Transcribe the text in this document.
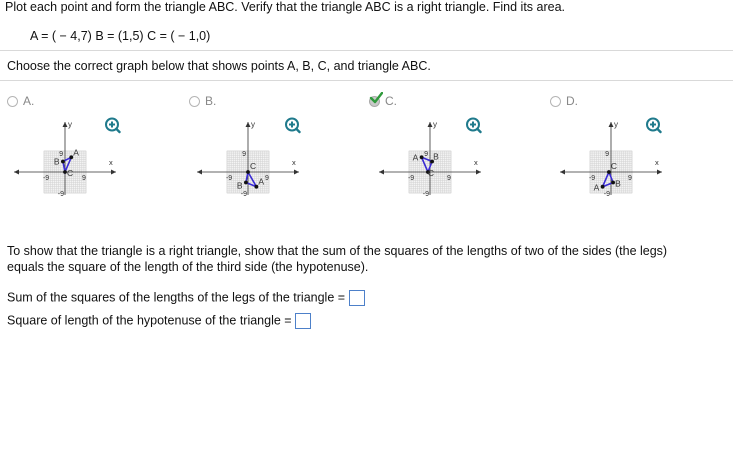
Plot each point and form the triangle ABC. Verify that the triangle ABC is a right triangle. Find its area.
A = ( − 4,7) B = (1,5) C = ( − 1,0)
Choose the correct graph below that shows points A, B, C, and triangle ABC.
A.	B.	C.	D.
y
x
9
-9
-9	9
A
B
C
y
x
9
-9
-9	9
A
B
C
y
x
9
-9
-9	9
A B
C
y
x
9
-9
-9	9
A B
C
To show that the triangle is a right triangle, show that the sum of the squares of the lengths of two of the sides (the legs) equals the square of the length of the third side (the hypotenuse).
Sum of the squares of the lengths of the legs of the triangle =
Square of length of the hypotenuse of the triangle =
